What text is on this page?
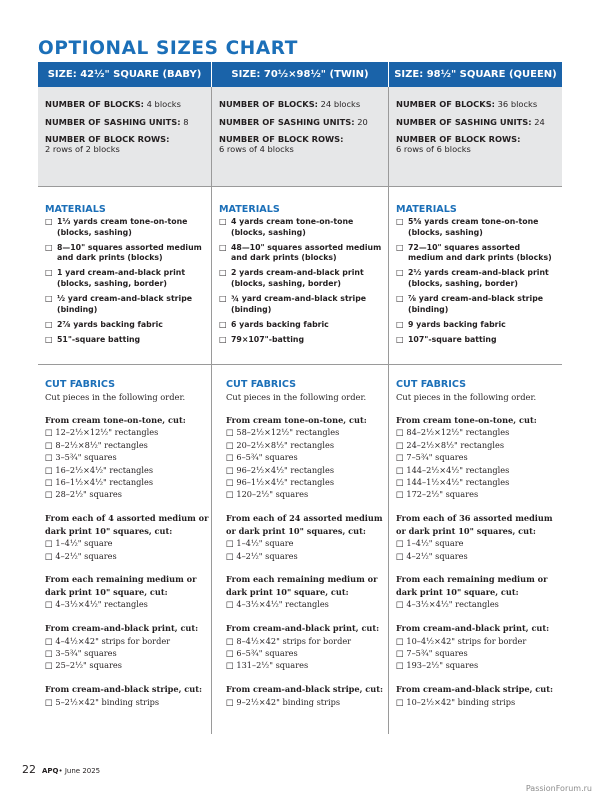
OPTIONAL SIZES CHART
SIZE: 42½" SQUARE (BABY)	SIZE: 70½×98½" (TWIN)	SIZE: 98½" SQUARE (QUEEN)
NUMBER OF BLOCKS: 4 blocks
NUMBER OF SASHING UNITS: 8
NUMBER OF BLOCK ROWS:
2 rows of 2 blocks
NUMBER OF BLOCKS: 24 blocks
NUMBER OF SASHING UNITS: 20
NUMBER OF BLOCK ROWS:
6 rows of 4 blocks
NUMBER OF BLOCKS: 36 blocks
NUMBER OF SASHING UNITS: 24
NUMBER OF BLOCK ROWS:
6 rows of 6 blocks
MATERIALS
□ 1⅓ yards cream tone-on-tone (blocks, sashing)
□ 8—10" squares assorted medium and dark prints (blocks)
□ 1 yard cream-and-black print (blocks, sashing, border)
□ ½ yard cream-and-black stripe (binding)
□ 2⅞ yards backing fabric
□ 51"-square batting
MATERIALS
□ 4 yards cream tone-on-tone (blocks, sashing)
□ 48—10" squares assorted medium and dark prints (blocks)
□ 2 yards cream-and-black print (blocks, sashing, border)
□ ¾ yard cream-and-black stripe (binding)
□ 6 yards backing fabric
□ 79×107"-batting
MATERIALS
□ 5⅝ yards cream tone-on-tone (blocks, sashing)
□ 72—10" squares assorted medium and dark prints (blocks)
□ 2½ yards cream-and-black print (blocks, sashing, border)
□ ⅞ yard cream-and-black stripe (binding)
□ 9 yards backing fabric
□ 107"-square batting
CUT FABRICS
Cut pieces in the following order.
From cream tone-on-tone, cut:
□ 12–2½×12½" rectangles
□ 8–2½×8½" rectangles
□ 3–5¾" squares
□ 16–2½×4½" rectangles
□ 16–1½×4½" rectangles
□ 28–2½" squares
From each of 4 assorted medium or dark print 10" squares, cut:
□ 1–4½" square
□ 4–2½" squares
From each remaining medium or dark print 10" square, cut:
□ 4–3½×4½" rectangles
From cream-and-black print, cut:
□ 4–4½×42" strips for border
□ 3–5¾" squares
□ 25–2½" squares
From cream-and-black stripe, cut:
□ 5–2½×42" binding strips
CUT FABRICS
Cut pieces in the following order.
From cream tone-on-tone, cut:
□ 58–2½×12½" rectangles
□ 20–2½×8½" rectangles
□ 6–5¾" squares
□ 96–2½×4½" rectangles
□ 96–1½×4½" rectangles
□ 120–2½" squares
From each of 24 assorted medium or dark print 10" squares, cut:
□ 1–4½" square
□ 4–2½" squares
From each remaining medium or dark print 10" square, cut:
□ 4–3½×4½" rectangles
From cream-and-black print, cut:
□ 8–4½×42" strips for border
□ 6–5¾" squares
□ 131–2½" squares
From cream-and-black stripe, cut:
□ 9–2½×42" binding strips
CUT FABRICS
Cut pieces in the following order.
From cream tone-on-tone, cut:
□ 84–2½×12½" rectangles
□ 24–2½×8½" rectangles
□ 7–5¾" squares
□ 144–2½×4½" rectangles
□ 144–1½×4½" rectangles
□ 172–2½" squares
From each of 36 assorted medium or dark print 10" squares, cut:
□ 1–4½" square
□ 4–2½" squares
From each remaining medium or dark print 10" square, cut:
□ 4–3½×4½" rectangles
From cream-and-black print, cut:
□ 10–4½×42" strips for border
□ 7–5¾" squares
□ 193–2½" squares
From cream-and-black stripe, cut:
□ 10–2½×42" binding strips
22 APQ • June 2025
PassionForum.ru
